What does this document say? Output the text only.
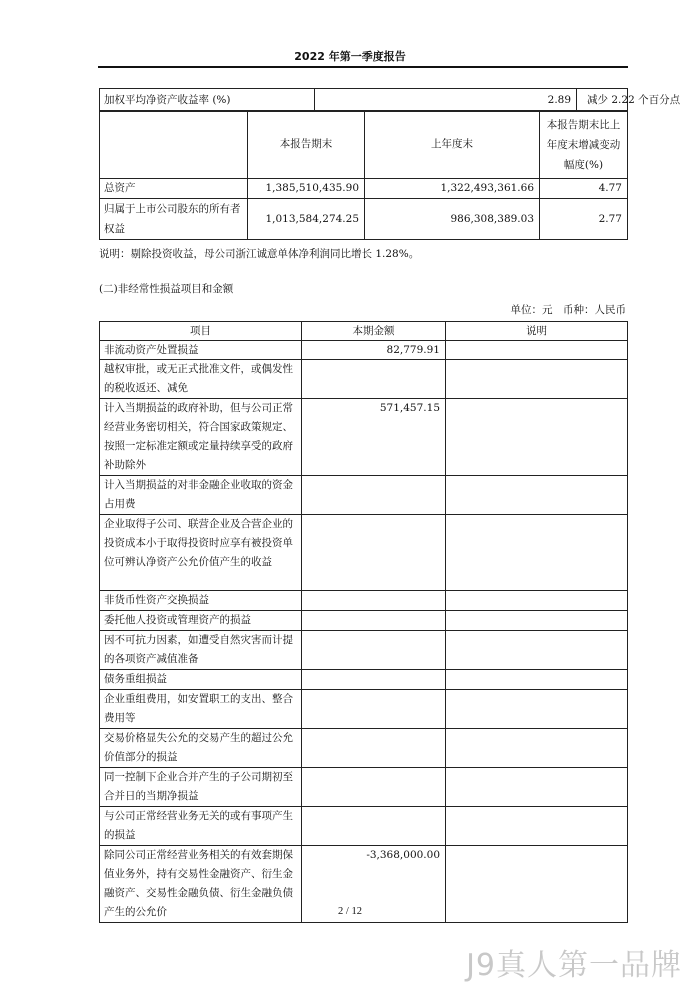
2022 年第一季度报告
加权平均净资产收益率 (%)	2.89	减少 2.22 个百分点
	本报告期末	上年度末	本报告期末比上年度末增减变动幅度(%)
总资产	1,385,510,435.90	1,322,493,361.66	4.77
归属于上市公司股东的所有者权益	1,013,584,274.25	986,308,389.03	2.77
说明：剔除投资收益，母公司浙江诚意单体净利润同比增长 1.28%。
(二)非经常性损益项目和金额
单位：元　币种：人民币
项目	本期金额	说明
非流动资产处置损益	82,779.91	
越权审批，或无正式批准文件，或偶发性的税收返还、减免		
计入当期损益的政府补助，但与公司正常经营业务密切相关，符合国家政策规定、按照一定标准定额或定量持续享受的政府补助除外	571,457.15	
计入当期损益的对非金融企业收取的资金占用费		
企业取得子公司、联营企业及合营企业的投资成本小于取得投资时应享有被投资单位可辨认净资产公允价值产生的收益		
非货币性资产交换损益		
委托他人投资或管理资产的损益		
因不可抗力因素，如遭受自然灾害而计提的各项资产减值准备		
债务重组损益		
企业重组费用，如安置职工的支出、整合费用等		
交易价格显失公允的交易产生的超过公允价值部分的损益		
同一控制下企业合并产生的子公司期初至合并日的当期净损益		
与公司正常经营业务无关的或有事项产生的损益		
除同公司正常经营业务相关的有效套期保值业务外，持有交易性金融资产、衍生金融资产、交易性金融负债、衍生金融负债产生的公允价	-3,368,000.00	
2 / 12
J9真人第一品牌
